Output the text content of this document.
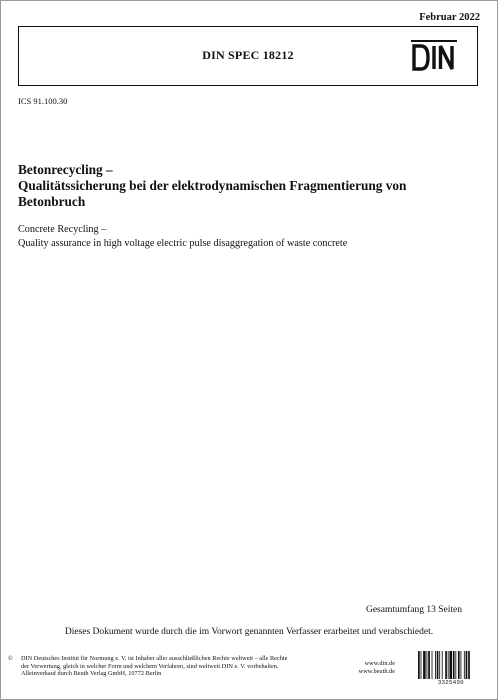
Februar 2022
DIN SPEC 18212
ICS 91.100.30
Betonrecycling –
Qualitätssicherung bei der elektrodynamischen Fragmentierung von
Betonbruch
Concrete Recycling –
Quality assurance in high voltage electric pulse disaggregation of waste concrete
Gesamtumfang 13 Seiten
Dieses Dokument wurde durch die im Vorwort genannten Verfasser erarbeitet und verabschiedet.
© DIN Deutsches Institut für Normung e. V. ist Inhaber aller ausschließlichen Rechte weltweit – alle Rechte
der Verwertung, gleich in welcher Form und welchem Verfahren, sind weltweit DIN e. V. vorbehalten.
Alleinverkauf durch Beuth Verlag GmbH, 10772 Berlin
www.din.de
www.beuth.de
3325499
